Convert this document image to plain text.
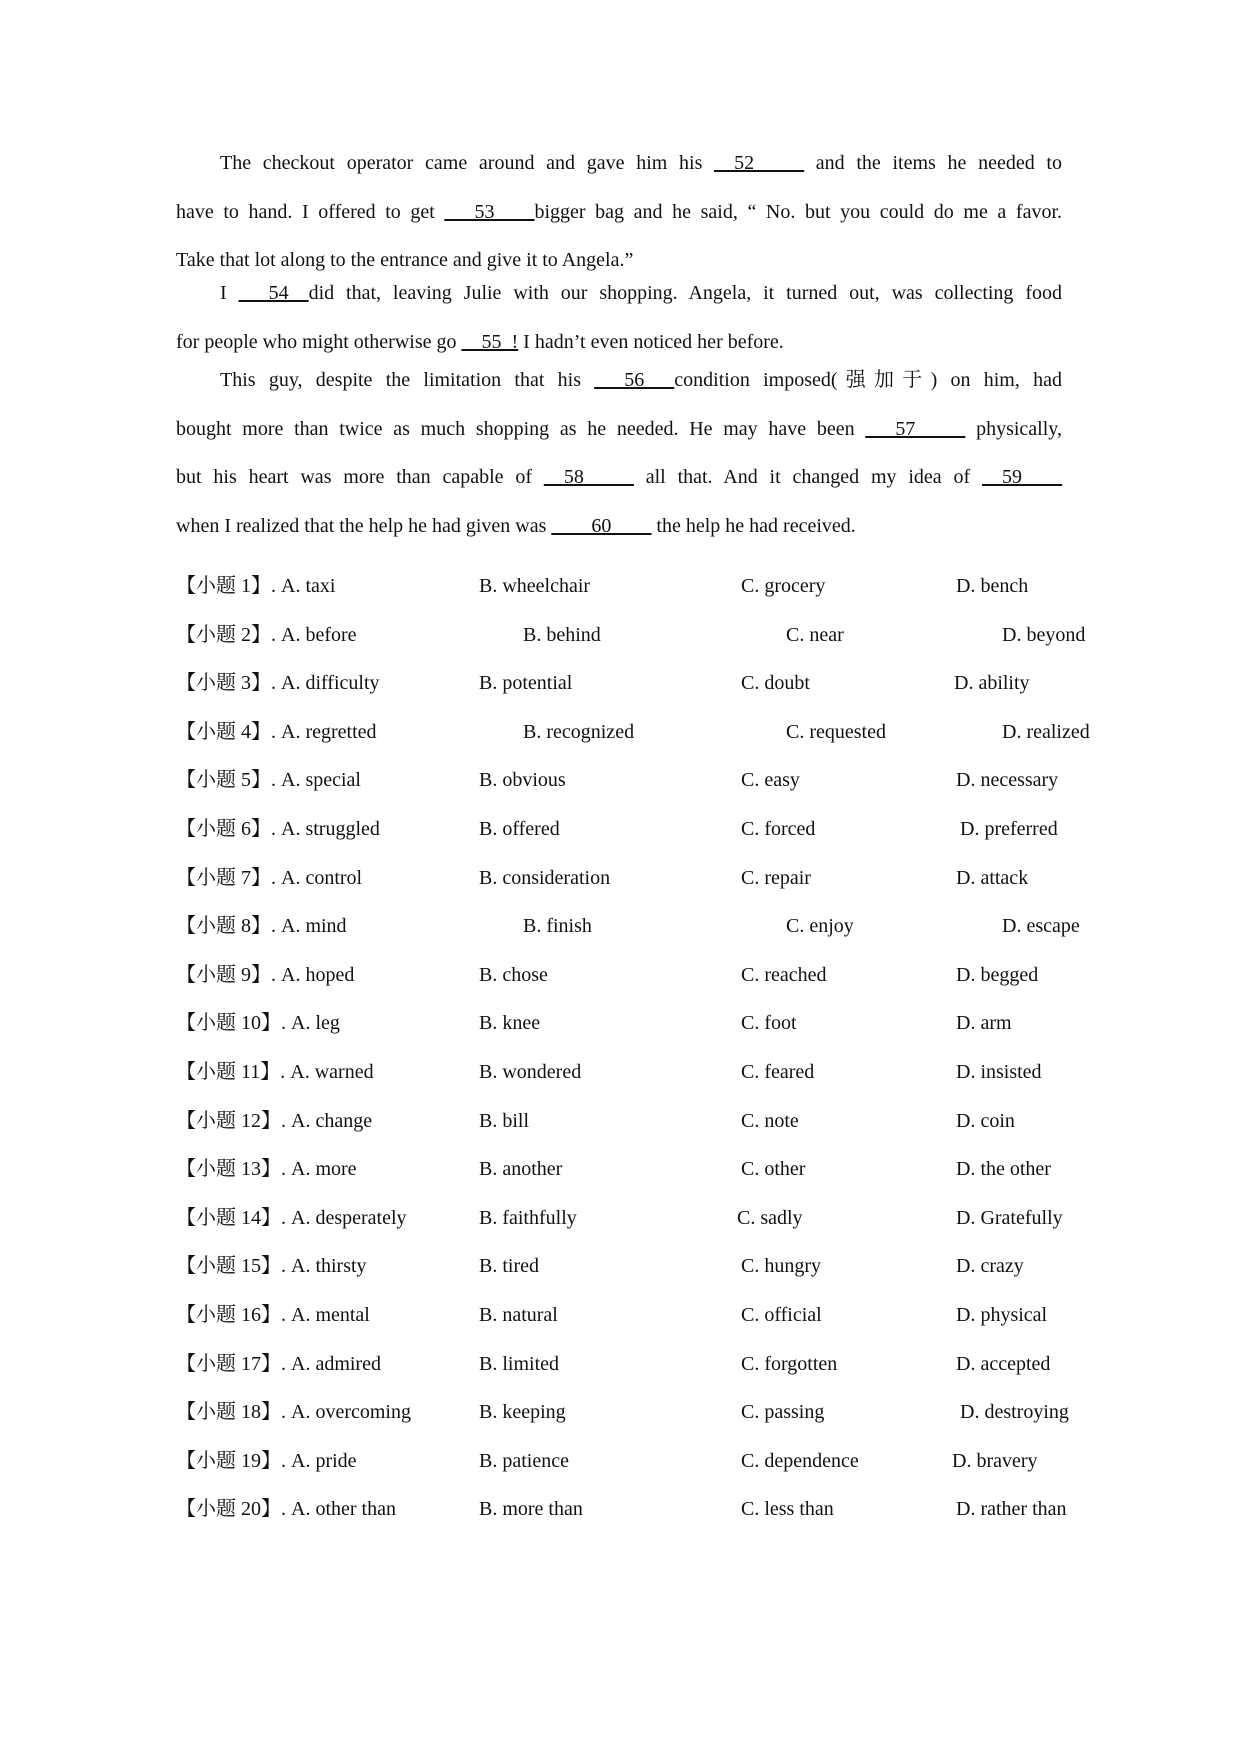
The checkout operator came around and gave him his __52_____ and the items he needed to
have to hand. I offered to get ___53____bigger bag and he said, “ No. but you could do me a favor.
Take that lot along to the entrance and give it to Angela.”
I ___54__did that, leaving Julie with our shopping. Angela, it turned out, was collecting food
for people who might otherwise go __55_! I hadn’t even noticed her before.
This guy, despite the limitation that his ___56___condition imposed(强加于) on him, had
bought more than twice as much shopping as he needed. He may have been ___57_____ physically,
but his heart was more than capable of __58_____ all that. And it changed my idea of __59____
when I realized that the help he had given was ____60____ the help he had received.
【小题 1】. A. taxi	B. wheelchair	C. grocery	D. bench
【小题 2】. A. before	B. behind	C. near	D. beyond
【小题 3】. A. difficulty	B. potential	C. doubt	D. ability
【小题 4】. A. regretted	B. recognized	C. requested	D. realized
【小题 5】. A. special	B. obvious	C. easy	D. necessary
【小题 6】. A. struggled	B. offered	C. forced	D. preferred
【小题 7】. A. control	B. consideration	C. repair	D. attack
【小题 8】. A. mind	B. finish	C. enjoy	D. escape
【小题 9】. A. hoped	B. chose	C. reached	D. begged
【小题 10】. A. leg	B. knee	C. foot	D. arm
【小题 11】. A. warned	B. wondered	C. feared	D. insisted
【小题 12】. A. change	B. bill	C. note	D. coin
【小题 13】. A. more	B. another	C. other	D. the other
【小题 14】. A. desperately	B. faithfully	C. sadly	D. Gratefully
【小题 15】. A. thirsty	B. tired	C. hungry	D. crazy
【小题 16】. A. mental	B. natural	C. official	D. physical
【小题 17】. A. admired	B. limited	C. forgotten	D. accepted
【小题 18】. A. overcoming	B. keeping	C. passing	D. destroying
【小题 19】. A. pride	B. patience	C. dependence	D. bravery
【小题 20】. A. other than	B. more than	C. less than	D. rather than
